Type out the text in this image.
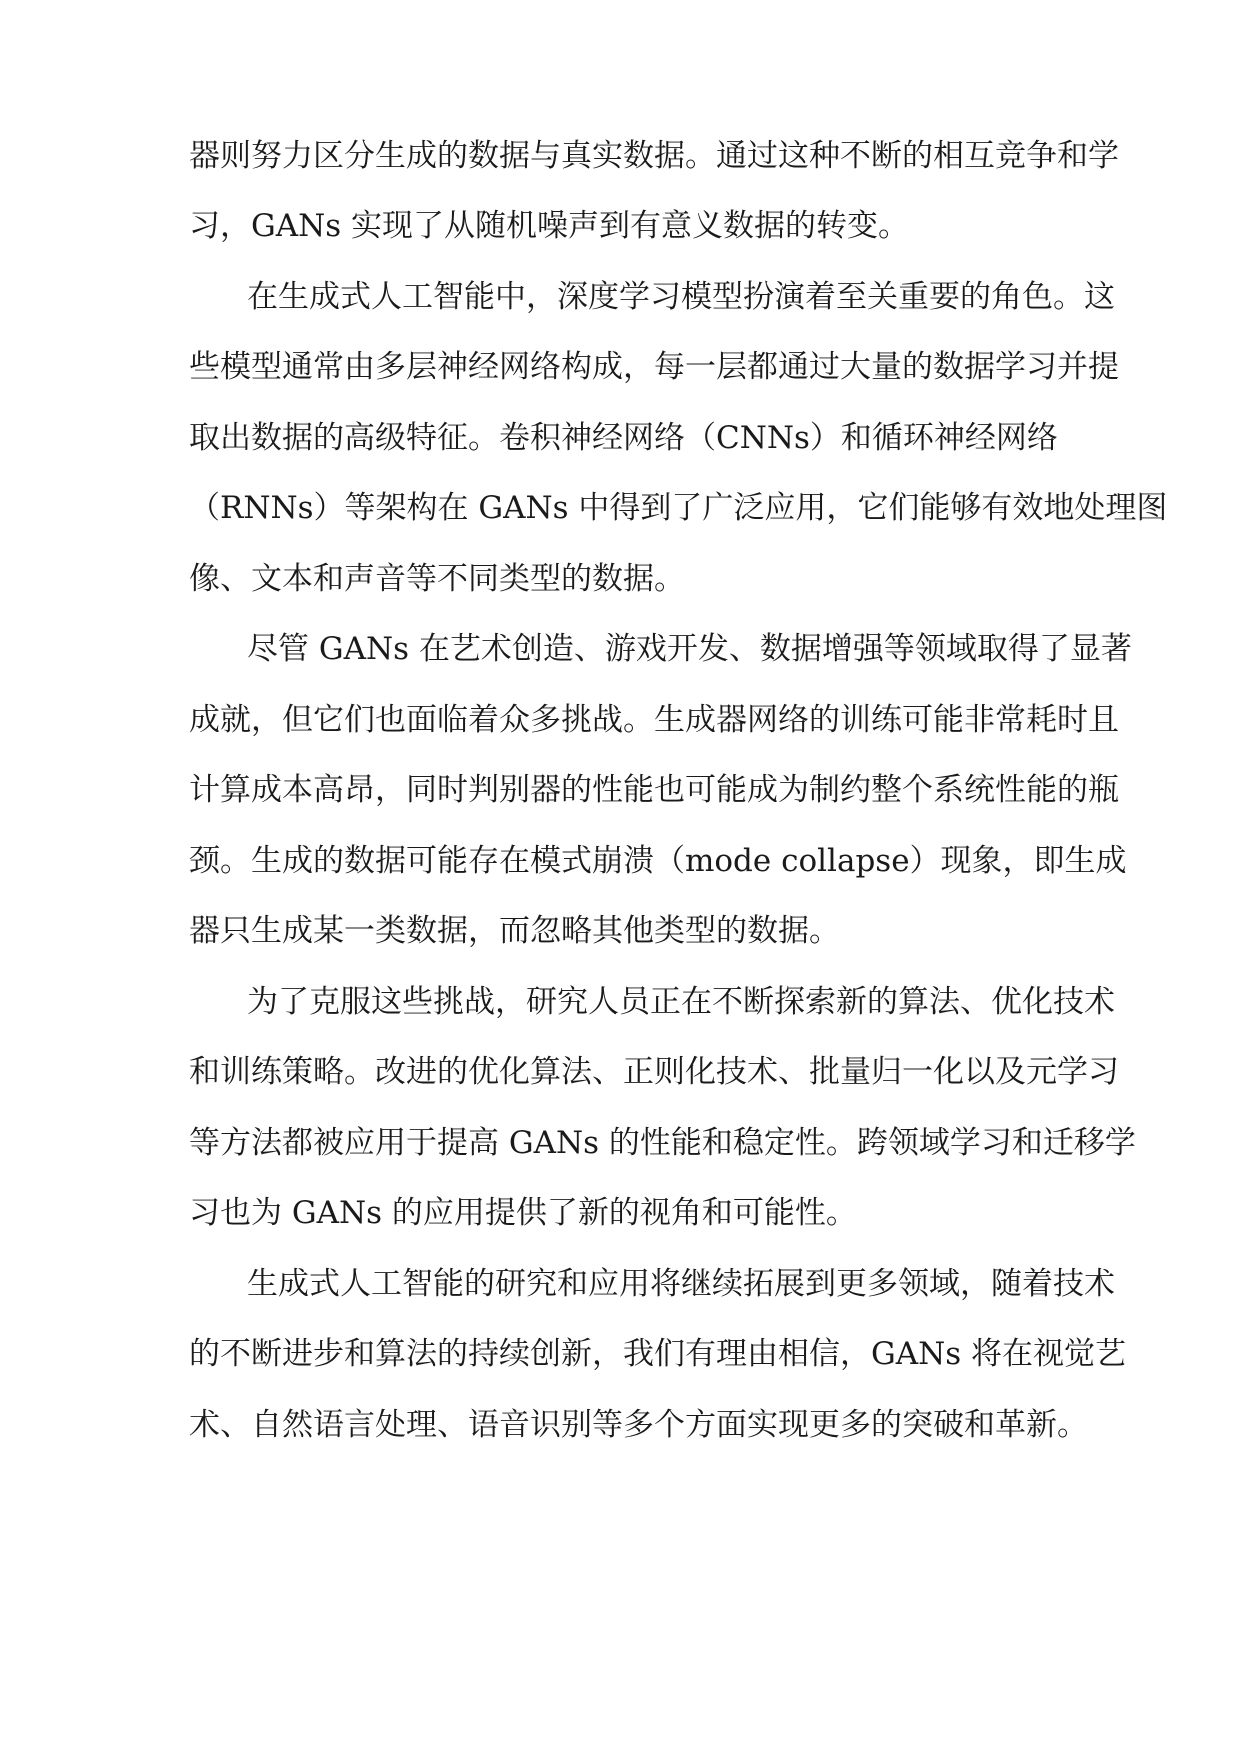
器则努力区分生成的数据与真实数据。通过这种不断的相互竞争和学
习，GANs 实现了从随机噪声到有意义数据的转变。
在生成式人工智能中，深度学习模型扮演着至关重要的角色。这
些模型通常由多层神经网络构成，每一层都通过大量的数据学习并提
取出数据的高级特征。卷积神经网络（CNNs）和循环神经网络
（RNNs）等架构在 GANs 中得到了广泛应用，它们能够有效地处理图
像、文本和声音等不同类型的数据。
尽管 GANs 在艺术创造、游戏开发、数据增强等领域取得了显著
成就，但它们也面临着众多挑战。生成器网络的训练可能非常耗时且
计算成本高昂，同时判别器的性能也可能成为制约整个系统性能的瓶
颈。生成的数据可能存在模式崩溃（mode collapse）现象，即生成
器只生成某一类数据，而忽略其他类型的数据。
为了克服这些挑战，研究人员正在不断探索新的算法、优化技术
和训练策略。改进的优化算法、正则化技术、批量归一化以及元学习
等方法都被应用于提高 GANs 的性能和稳定性。跨领域学习和迁移学
习也为 GANs 的应用提供了新的视角和可能性。
生成式人工智能的研究和应用将继续拓展到更多领域，随着技术
的不断进步和算法的持续创新，我们有理由相信，GANs 将在视觉艺
术、自然语言处理、语音识别等多个方面实现更多的突破和革新。
